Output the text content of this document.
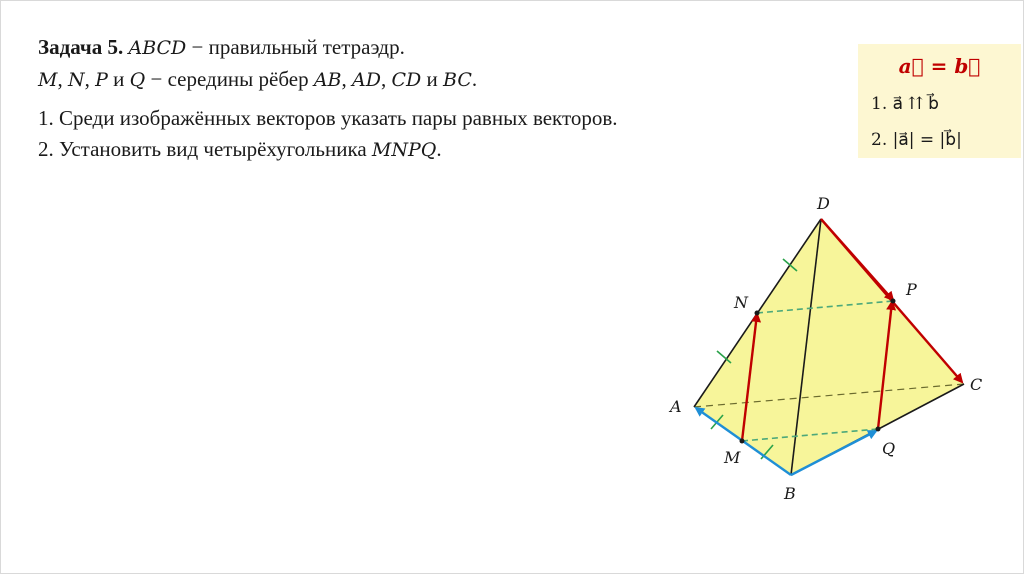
Задача 5. ABCD − правильный тетраэдр.
M, N, P и Q − середины рёбер AB, AD, CD и BC.
1. Среди изображённых векторов указать пары равных векторов.
2. Установить вид четырёхугольника MNPQ.
a⃗ = b⃗
1. a⃗ ⇈ b⃗
2. |a⃗| = |b⃗|
D
N
P
A
C
M	Q
B
